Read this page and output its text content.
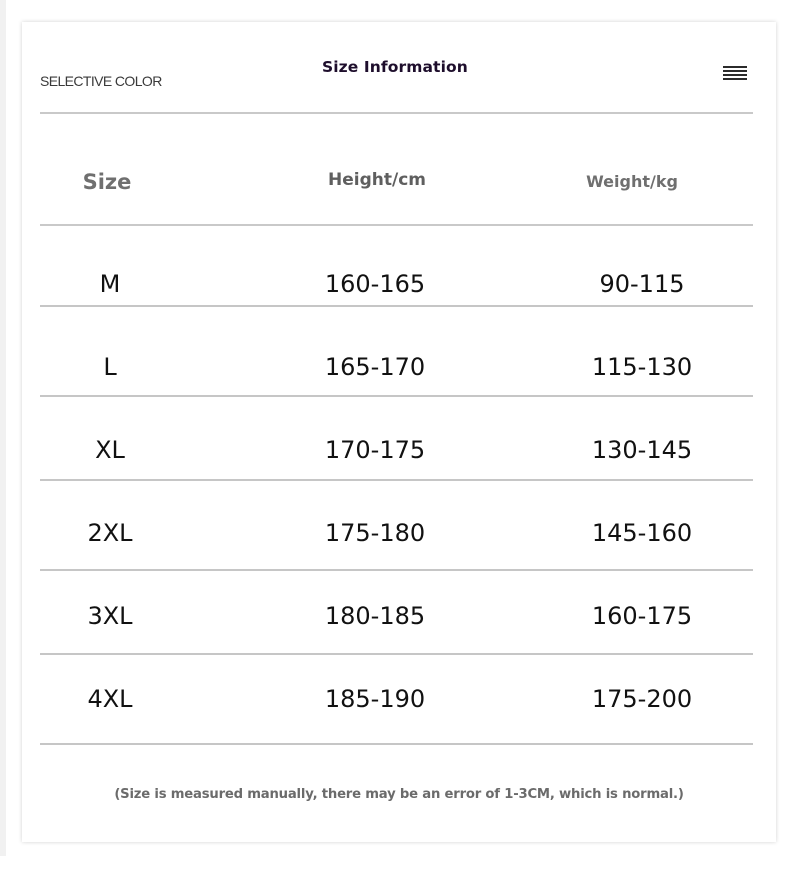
SELECTIVE COLOR
Size Information
Size	Height/cm	Weight/kg
M	160-165	90-115
L	165-170	115-130
XL	170-175	130-145
2XL	175-180	145-160
3XL	180-185	160-175
4XL	185-190	175-200
(Size is measured manually, there may be an error of 1-3CM, which is normal.)
